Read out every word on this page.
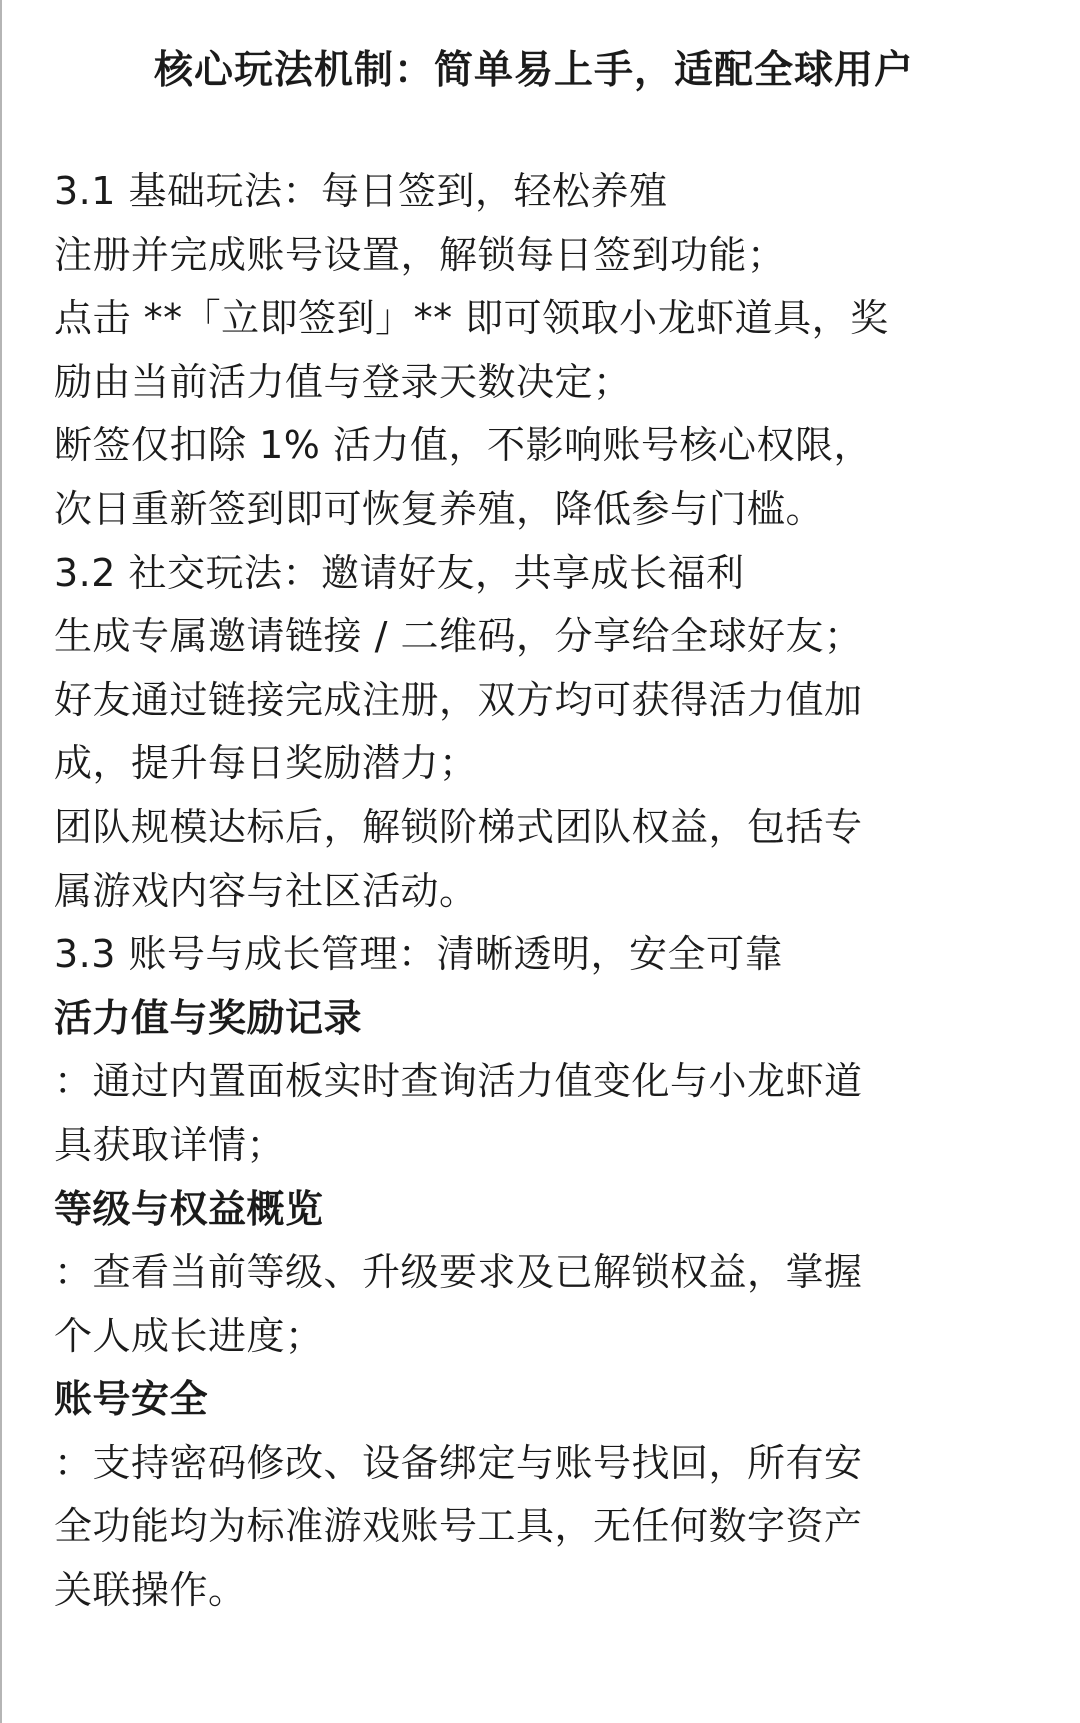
核心玩法机制：简单易上手，适配全球用户
3.1 基础玩法：每日签到，轻松养殖
注册并完成账号设置，解锁每日签到功能；
点击 **「立即签到」** 即可领取小龙虾道具，奖
励由当前活力值与登录天数决定；
断签仅扣除 1% 活力值，不影响账号核心权限，
次日重新签到即可恢复养殖，降低参与门槛。
3.2 社交玩法：邀请好友，共享成长福利
生成专属邀请链接 / 二维码，分享给全球好友；
好友通过链接完成注册，双方均可获得活力值加
成，提升每日奖励潜力；
团队规模达标后，解锁阶梯式团队权益，包括专
属游戏内容与社区活动。
3.3 账号与成长管理：清晰透明，安全可靠
活力值与奖励记录
：通过内置面板实时查询活力值变化与小龙虾道
具获取详情；
等级与权益概览
：查看当前等级、升级要求及已解锁权益，掌握
个人成长进度；
账号安全
：支持密码修改、设备绑定与账号找回，所有安
全功能均为标准游戏账号工具，无任何数字资产
关联操作。
